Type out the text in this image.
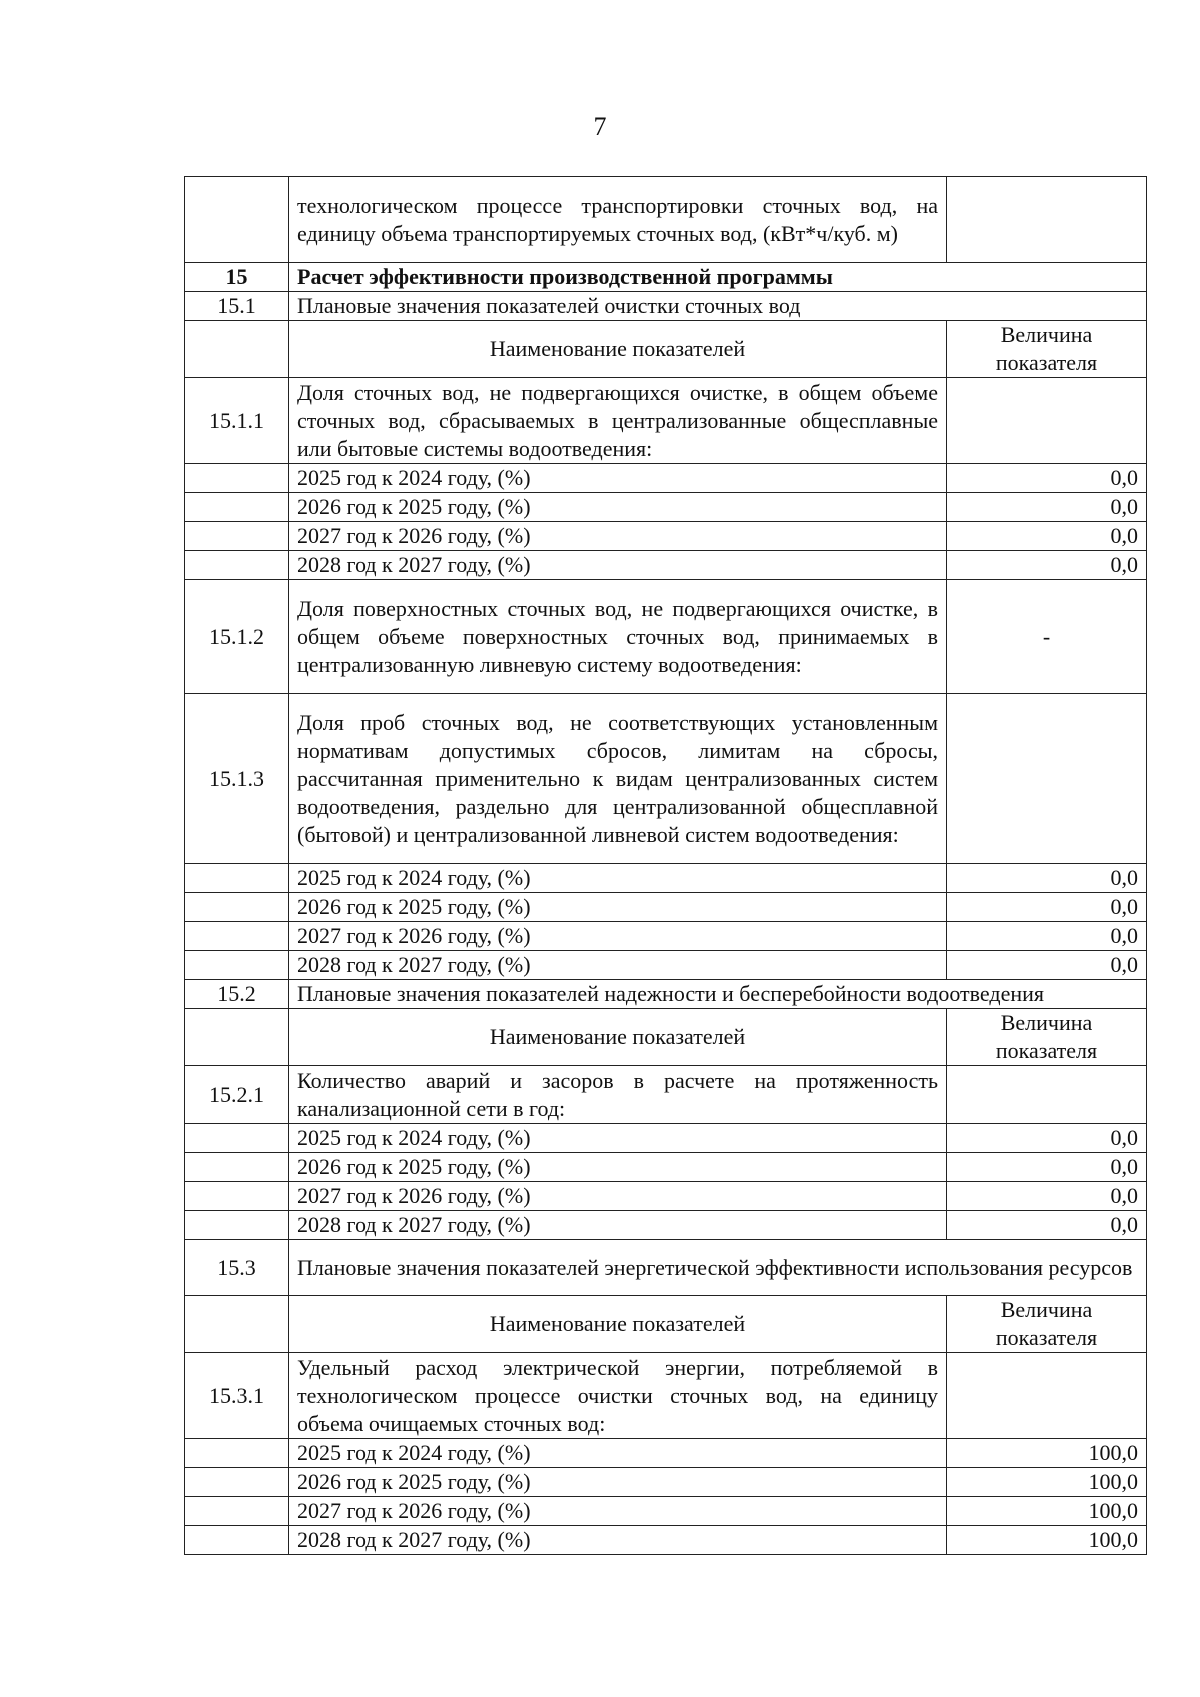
7
	технологическом процессе транспортировки сточных вод, на единицу объема транспортируемых сточных вод, (кВт*ч/куб. м)	
15	Расчет эффективности производственной программы	
15.1	Плановые значения показателей очистки сточных вод	
	Наименование показателей	Величина показателя
15.1.1	Доля сточных вод, не подвергающихся очистке, в общем объеме сточных вод, сбрасываемых в централизованные общесплавные или бытовые системы водоотведения:	
	2025 год к 2024 году, (%)	0,0
	2026 год к 2025 году, (%)	0,0
	2027 год к 2026 году, (%)	0,0
	2028 год к 2027 году, (%)	0,0
15.1.2	Доля поверхностных сточных вод, не подвергающихся очистке, в общем объеме поверхностных сточных вод, принимаемых в централизованную ливневую систему водоотведения:	-
15.1.3	Доля проб сточных вод, не соответствующих установленным нормативам допустимых сбросов, лимитам на сбросы, рассчитанная применительно к видам централизованных систем водоотведения, раздельно для централизованной общесплавной (бытовой) и централизованной ливневой систем водоотведения:	
	2025 год к 2024 году, (%)	0,0
	2026 год к 2025 году, (%)	0,0
	2027 год к 2026 году, (%)	0,0
	2028 год к 2027 году, (%)	0,0
15.2	Плановые значения показателей надежности и бесперебойности водоотведения	
	Наименование показателей	Величина показателя
15.2.1	Количество аварий и засоров в расчете на протяженность канализационной сети в год:	
	2025 год к 2024 году, (%)	0,0
	2026 год к 2025 году, (%)	0,0
	2027 год к 2026 году, (%)	0,0
	2028 год к 2027 году, (%)	0,0
15.3	Плановые значения показателей энергетической эффективности использования ресурсов	
	Наименование показателей	Величина показателя
15.3.1	Удельный расход электрической энергии, потребляемой в технологическом процессе очистки сточных вод, на единицу объема очищаемых сточных вод:	
	2025 год к 2024 году, (%)	100,0
	2026 год к 2025 году, (%)	100,0
	2027 год к 2026 году, (%)	100,0
	2028 год к 2027 году, (%)	100,0
